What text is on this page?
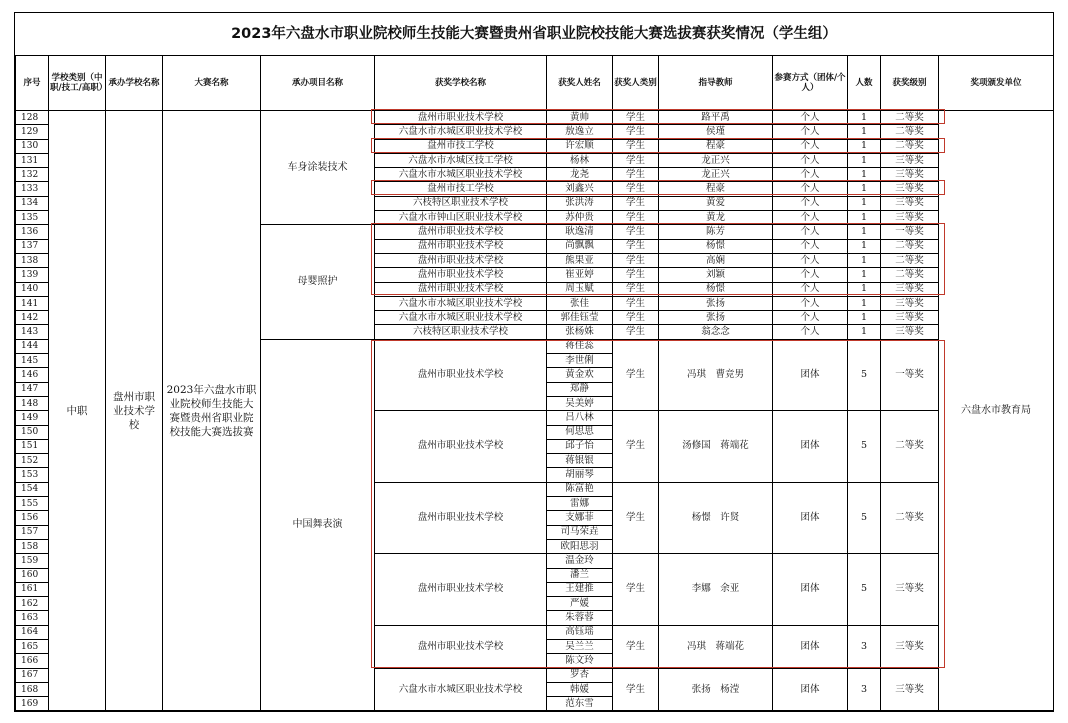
2023年六盘水市职业院校师生技能大赛暨贵州省职业院校技能大赛选拔赛获奖情况（学生组）
序号	学校类别（中职/技工/高职）	承办学校名称	大赛名称	承办项目名称	获奖学校名称	获奖人姓名	获奖人类别	指导教师	参赛方式（团体/个人）	人数	获奖级别	奖项颁发单位
128	中职	盘州市职业技术学校	2023年六盘水市职业院校师生技能大赛暨贵州省职业院校技能大赛选拔赛	车身涂装技术	盘州市职业技术学校	黄帅	学生	路平禹	个人	1	二等奖	六盘水市教育局
129					六盘水市水城区职业技术学校	敖逸立	学生	侯瑾	个人	1	二等奖	
130					盘州市技工学校	许宏顺	学生	程豪	个人	1	二等奖	
131					六盘水市水城区技工学校	杨林	学生	龙正兴	个人	1	三等奖	
132					六盘水市水城区职业技术学校	龙尧	学生	龙正兴	个人	1	三等奖	
133					盘州市技工学校	刘鑫兴	学生	程豪	个人	1	三等奖	
134					六枝特区职业技术学校	张洪涛	学生	黄爱	个人	1	三等奖	
135					六盘水市钟山区职业技术学校	苏仲贵	学生	黄龙	个人	1	三等奖	
136				母婴照护	盘州市职业技术学校	耿逸清	学生	陈芳	个人	1	一等奖	
137					盘州市职业技术学校	尚飘飘	学生	杨憬	个人	1	二等奖	
138					盘州市职业技术学校	熊果亚	学生	高娴	个人	1	二等奖	
139					盘州市职业技术学校	崔亚婷	学生	刘颖	个人	1	二等奖	
140					盘州市职业技术学校	周玉赋	学生	杨憬	个人	1	三等奖	
141					六盘水市水城区职业技术学校	张佳	学生	张扬	个人	1	三等奖	
142					六盘水市水城区职业技术学校	郭佳钰莹	学生	张扬	个人	1	三等奖	
143					六枝特区职业技术学校	张杨姝	学生	翁念念	个人	1	三等奖	
144				中国舞表演	盘州市职业技术学校	蒋佳蕊	学生	冯琪　曹竞男	团体	5	一等奖	
145						李世俐						
146						黄金欢						
147						郑静						
148						吴美婷						
149					盘州市职业技术学校	吕八林	学生	汤修国　蒋端花	团体	5	二等奖	
150						何思思						
151						邱子怡						
152						蒋银银						
153						胡丽琴						
154					盘州市职业技术学校	陈富艳	学生	杨憬　许贤	团体	5	二等奖	
155						雷娜						
156						支娜菲						
157						司马荣垚						
158						欧阳思羽						
159					盘州市职业技术学校	温金玲	学生	李娜　余亚	团体	5	三等奖	
160						潘兰						
161						王建推						
162						严媛						
163						朱蓉蓉						
164					盘州市职业技术学校	高钰瑶	学生	冯琪　蒋端花	团体	3	三等奖	
165						吴兰兰						
166						陈文玲						
167					六盘水市水城区职业技术学校	罗杏	学生	张扬　杨滢	团体	3	三等奖	
168						韩媛						
169						范东雪						
